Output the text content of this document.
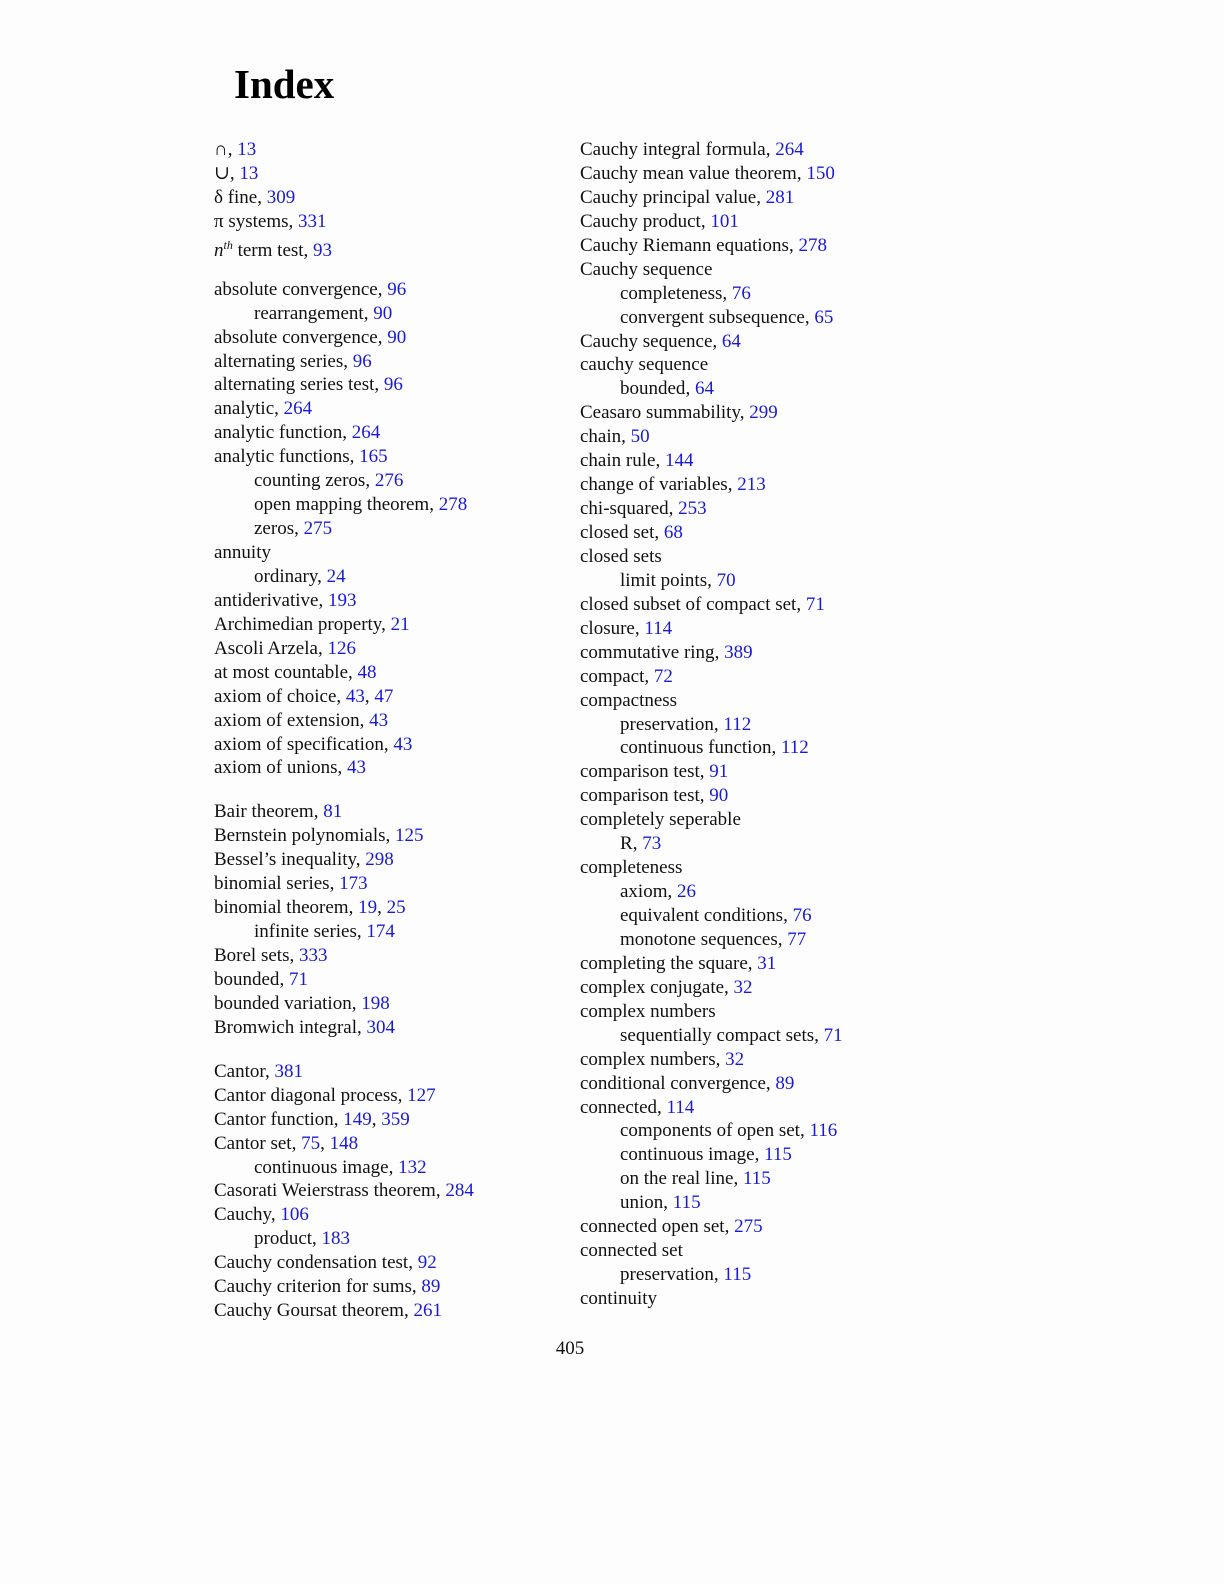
Index
∩, 13
∪, 13
δ fine, 309
π systems, 331
$n^{th}$ term test, 93
absolute convergence, 96
rearrangement, 90
absolute convergence, 90
alternating series, 96
alternating series test, 96
analytic, 264
analytic function, 264
analytic functions, 165
counting zeros, 276
open mapping theorem, 278
zeros, 275
annuity
ordinary, 24
antiderivative, 193
Archimedian property, 21
Ascoli Arzela, 126
at most countable, 48
axiom of choice, 43, 47
axiom of extension, 43
axiom of specification, 43
axiom of unions, 43
Bair theorem, 81
Bernstein polynomials, 125
Bessel’s inequality, 298
binomial series, 173
binomial theorem, 19, 25
infinite series, 174
Borel sets, 333
bounded, 71
bounded variation, 198
Bromwich integral, 304
Cantor, 381
Cantor diagonal process, 127
Cantor function, 149, 359
Cantor set, 75, 148
continuous image, 132
Casorati Weierstrass theorem, 284
Cauchy, 106
product, 183
Cauchy condensation test, 92
Cauchy criterion for sums, 89
Cauchy Goursat theorem, 261
Cauchy integral formula, 264
Cauchy mean value theorem, 150
Cauchy principal value, 281
Cauchy product, 101
Cauchy Riemann equations, 278
Cauchy sequence
completeness, 76
convergent subsequence, 65
Cauchy sequence, 64
cauchy sequence
bounded, 64
Ceasaro summability, 299
chain, 50
chain rule, 144
change of variables, 213
chi-squared, 253
closed set, 68
closed sets
limit points, 70
closed subset of compact set, 71
closure, 114
commutative ring, 389
compact, 72
compactness
preservation, 112
continuous function, 112
comparison test, 91
comparison test, 90
completely seperable
R, 73
completeness
axiom, 26
equivalent conditions, 76
monotone sequences, 77
completing the square, 31
complex conjugate, 32
complex numbers
sequentially compact sets, 71
complex numbers, 32
conditional convergence, 89
connected, 114
components of open set, 116
continuous image, 115
on the real line, 115
union, 115
connected open set, 275
connected set
preservation, 115
continuity
405
